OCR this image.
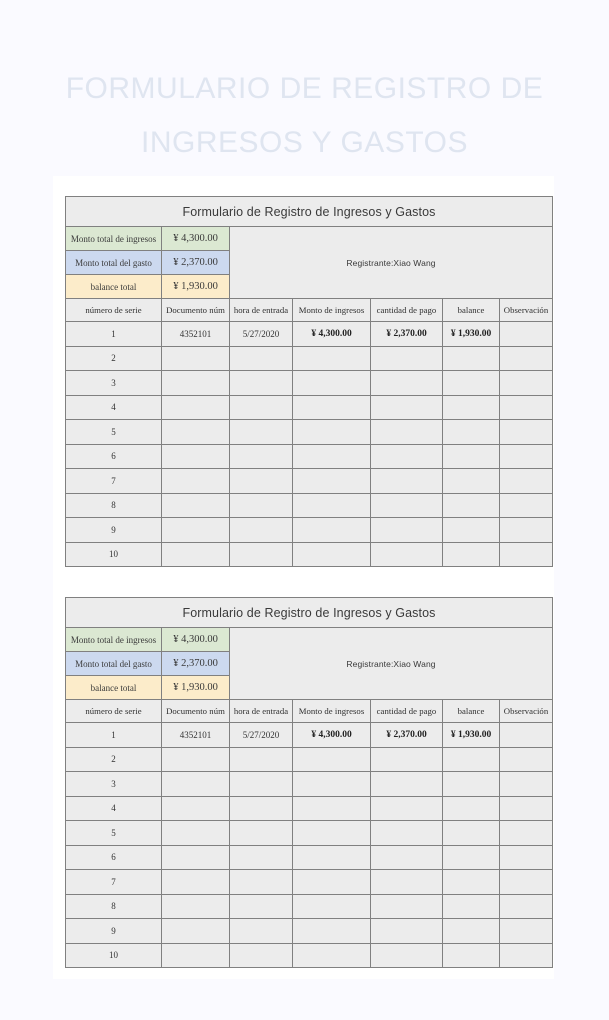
FORMULARIO DE REGISTRO DE
INGRESOS Y GASTOS
Formulario de Registro de Ingresos y Gastos						
Monto total de ingresos	¥ 4,300.00	Registrante:Xiao Wang				
Monto total del gasto	¥ 2,370.00					
balance total	¥ 1,930.00					
número de serie	Documento núm	hora de entrada	Monto de ingresos	cantidad de pago	balance	Observación
1	4352101	5/27/2020	¥ 4,300.00	¥ 2,370.00	¥ 1,930.00	
2						
3						
4						
5						
6						
7						
8						
9						
10						
Formulario de Registro de Ingresos y Gastos						
Monto total de ingresos	¥ 4,300.00	Registrante:Xiao Wang				
Monto total del gasto	¥ 2,370.00					
balance total	¥ 1,930.00					
número de serie	Documento núm	hora de entrada	Monto de ingresos	cantidad de pago	balance	Observación
1	4352101	5/27/2020	¥ 4,300.00	¥ 2,370.00	¥ 1,930.00	
2						
3						
4						
5						
6						
7						
8						
9						
10						
